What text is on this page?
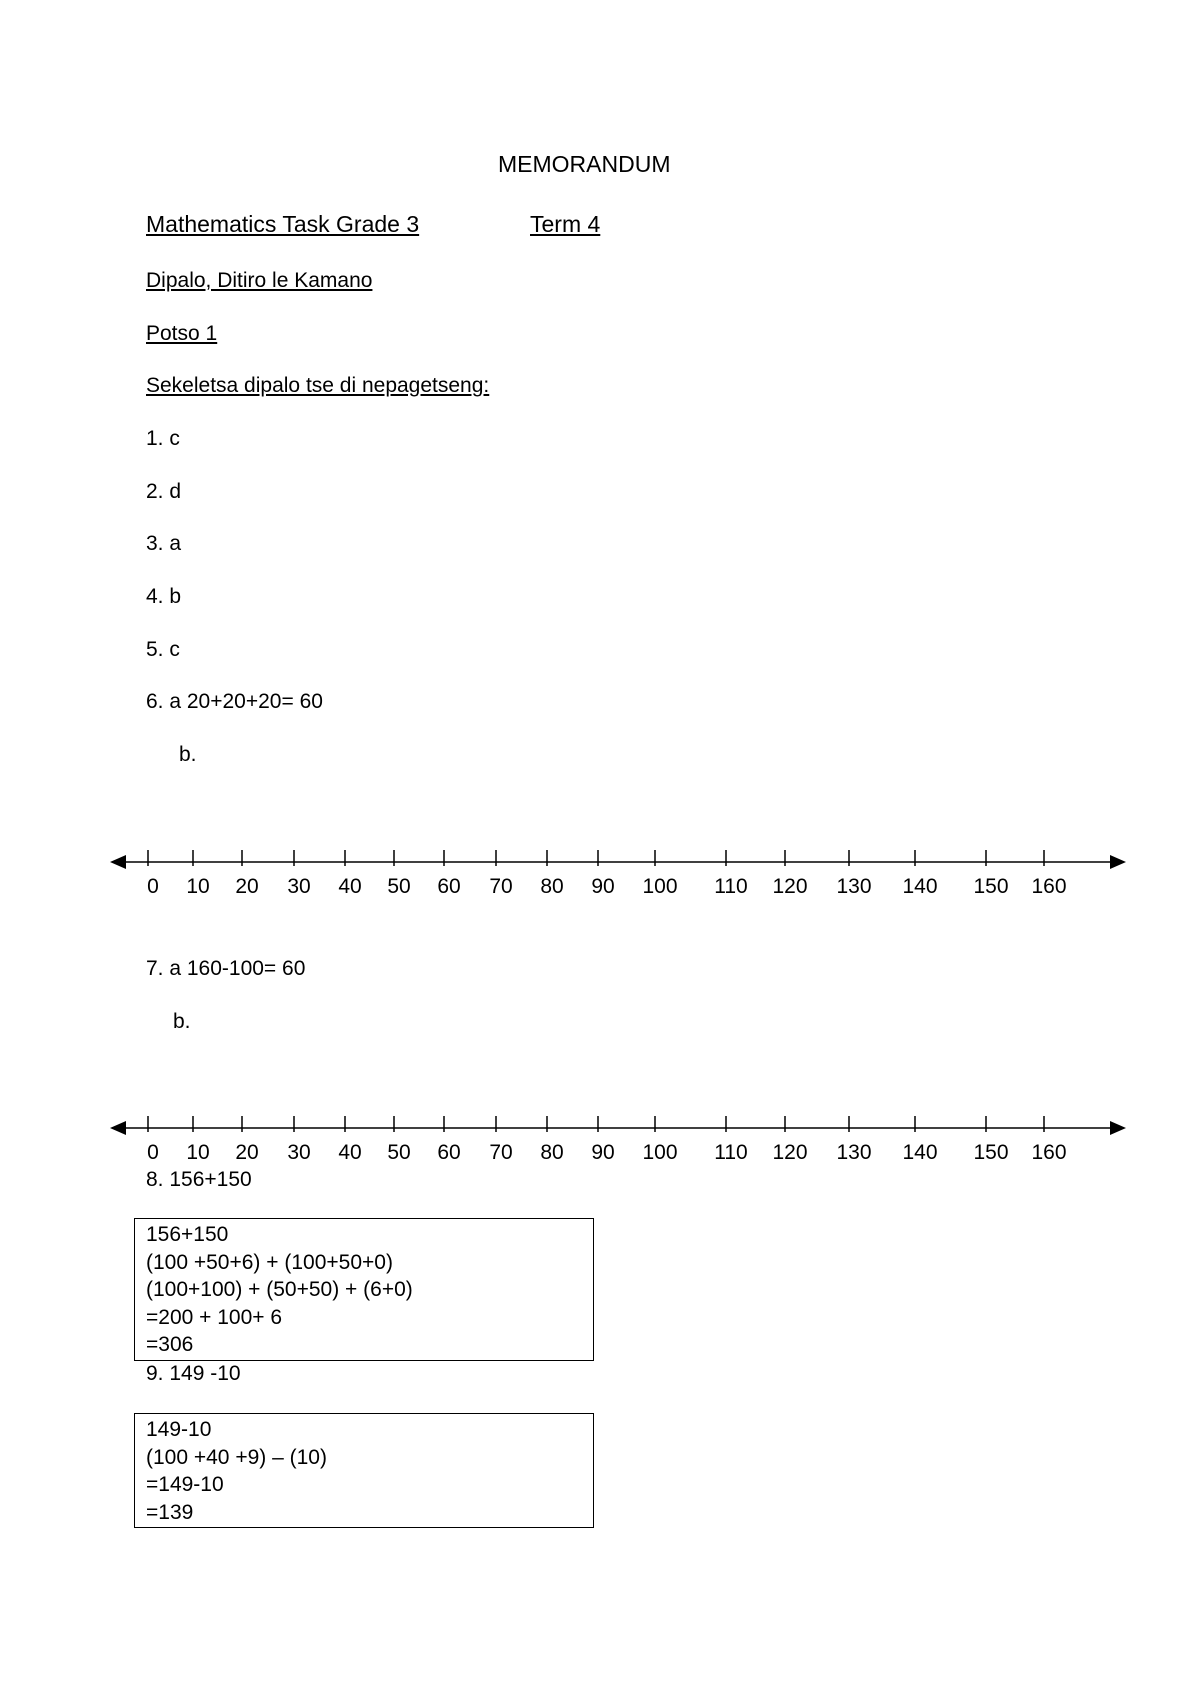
MEMORANDUM
Mathematics Task Grade 3	Term 4
Dipalo, Ditiro le Kamano
Potso 1
Sekeletsa dipalo tse di nepagetseng:
1. c
2. d
3. a
4. b
5. c
6. a 20+20+20= 60
b.
0 10 20 30 40 50 60 70 80 90 100 110 120 130 140 150 160
7. a 160-100= 60
b.
0 10 20 30 40 50 60 70 80 90 100 110 120 130 140 150 160
8. 156+150
156+150
(100 +50+6) + (100+50+0)
(100+100) + (50+50) + (6+0)
=200 + 100+ 6
=306
9. 149 -10
149-10
(100 +40 +9) – (10)
=149-10
=139
